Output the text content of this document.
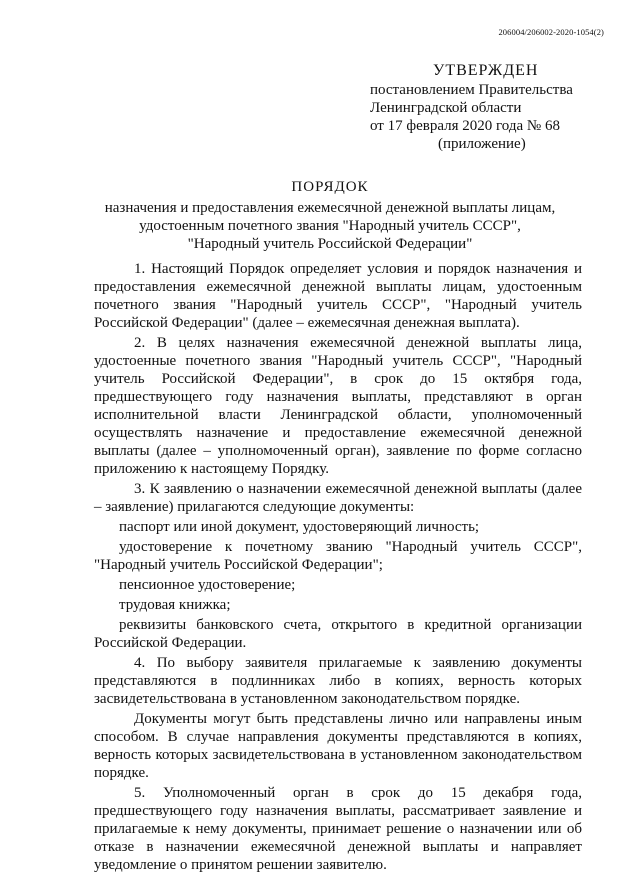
206004/206002-2020-1054(2)
УТВЕРЖДЕН
постановлением Правительства
Ленинградской области
от 17 февраля 2020 года № 68
(приложение)
ПОРЯДОК
назначения и предоставления ежемесячной денежной выплаты лицам,
удостоенным почетного звания "Народный учитель СССР",
"Народный учитель Российской Федерации"

1. Настоящий Порядок определяет условия и порядок назначения и предоставления ежемесячной денежной выплаты лицам, удостоенным почетного звания "Народный учитель СССР", "Народный учитель Российской Федерации" (далее – ежемесячная денежная выплата).

2. В целях назначения ежемесячной денежной выплаты лица, удостоенные почетного звания "Народный учитель СССР", "Народный учитель Российской Федерации", в срок до 15 октября года, предшествующего году назначения выплаты, представляют в орган исполнительной власти Ленинградской области, уполномоченный осуществлять назначение и предоставление ежемесячной денежной выплаты (далее – уполномоченный орган), заявление по форме согласно приложению к настоящему Порядку.

3. К заявлению о назначении ежемесячной денежной выплаты (далее – заявление) прилагаются следующие документы:

паспорт или иной документ, удостоверяющий личность;

удостоверение к почетному званию "Народный учитель СССР", "Народный учитель Российской Федерации";

пенсионное удостоверение;

трудовая книжка;

реквизиты банковского счета, открытого в кредитной организации Российской Федерации.

4. По выбору заявителя прилагаемые к заявлению документы представляются в подлинниках либо в копиях, верность которых засвидетельствована в установленном законодательством порядке.

Документы могут быть представлены лично или направлены иным способом. В случае направления документы представляются в копиях, верность которых засвидетельствована в установленном законодательством порядке.

5. Уполномоченный орган в срок до 15 декабря года, предшествующего году назначения выплаты, рассматривает заявление и прилагаемые к нему документы, принимает решение о назначении или об отказе в назначении ежемесячной денежной выплаты и направляет уведомление о принятом решении заявителю.
